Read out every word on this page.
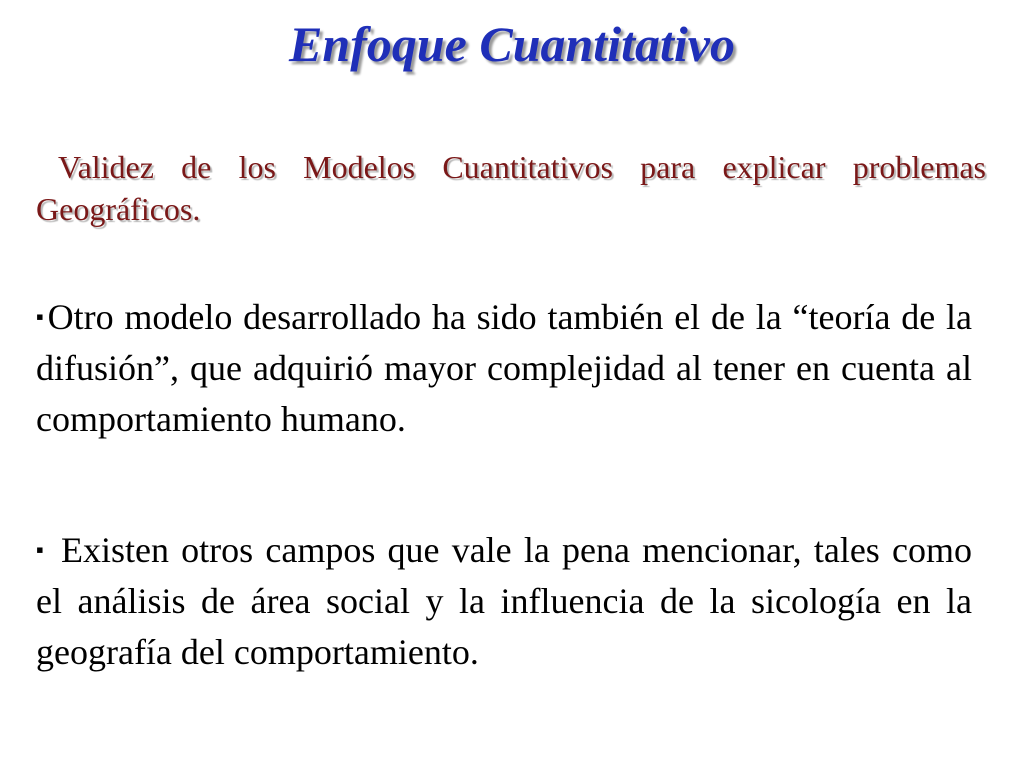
Enfoque Cuantitativo

Validez de los Modelos Cuantitativos para explicar problemas Geográficos.

▪Otro modelo desarrollado ha sido también el de la “teoría de la difusión”, que adquirió mayor complejidad al tener en cuenta al comportamiento humano.

▪ Existen otros campos que vale la pena mencionar, tales como el análisis de área social y la influencia de la sicología en la geografía del comportamiento.
